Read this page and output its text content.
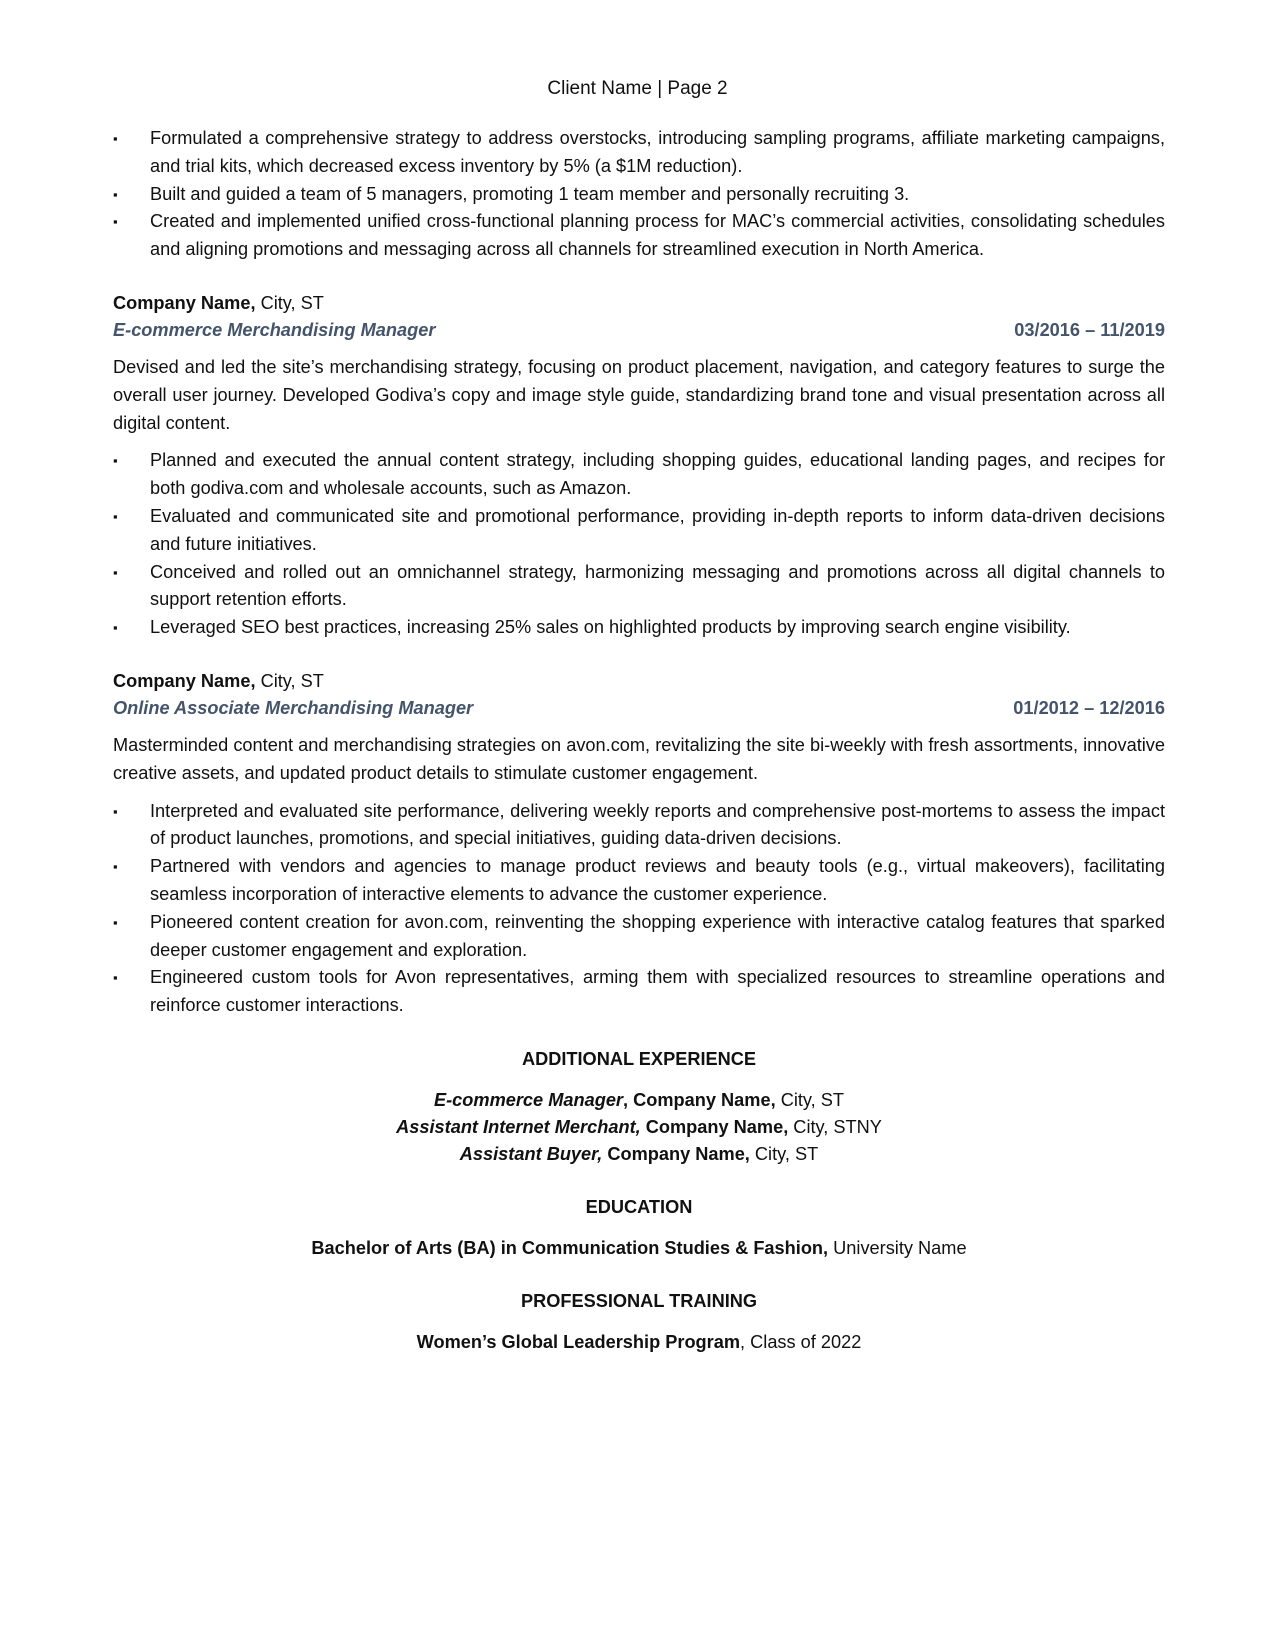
Client Name | Page 2
▪	Formulated a comprehensive strategy to address overstocks, introducing sampling programs, affiliate marketing campaigns, and trial kits, which decreased excess inventory by 5% (a $1M reduction).
▪	Built and guided a team of 5 managers, promoting 1 team member and personally recruiting 3.
▪	Created and implemented unified cross-functional planning process for MAC’s commercial activities, consolidating schedules and aligning promotions and messaging across all channels for streamlined execution in North America.
Company Name, City, ST
E-commerce Merchandising Manager	03/2016 – 11/2019
Devised and led the site’s merchandising strategy, focusing on product placement, navigation, and category features to surge the overall user journey. Developed Godiva’s copy and image style guide, standardizing brand tone and visual presentation across all digital content.
▪	Planned and executed the annual content strategy, including shopping guides, educational landing pages, and recipes for both godiva.com and wholesale accounts, such as Amazon.
▪	Evaluated and communicated site and promotional performance, providing in-depth reports to inform data-driven decisions and future initiatives.
▪	Conceived and rolled out an omnichannel strategy, harmonizing messaging and promotions across all digital channels to support retention efforts.
▪	Leveraged SEO best practices, increasing 25% sales on highlighted products by improving search engine visibility.
Company Name, City, ST
Online Associate Merchandising Manager	01/2012 – 12/2016
Masterminded content and merchandising strategies on avon.com, revitalizing the site bi-weekly with fresh assortments, innovative creative assets, and updated product details to stimulate customer engagement.
▪	Interpreted and evaluated site performance, delivering weekly reports and comprehensive post-mortems to assess the impact of product launches, promotions, and special initiatives, guiding data-driven decisions.
▪	Partnered with vendors and agencies to manage product reviews and beauty tools (e.g., virtual makeovers), facilitating seamless incorporation of interactive elements to advance the customer experience.
▪	Pioneered content creation for avon.com, reinventing the shopping experience with interactive catalog features that sparked deeper customer engagement and exploration.
▪	Engineered custom tools for Avon representatives, arming them with specialized resources to streamline operations and reinforce customer interactions.
ADDITIONAL EXPERIENCE
E-commerce Manager, Company Name, City, ST
Assistant Internet Merchant, Company Name, City, STNY
Assistant Buyer, Company Name, City, ST
EDUCATION
Bachelor of Arts (BA) in Communication Studies & Fashion, University Name
PROFESSIONAL TRAINING
Women’s Global Leadership Program, Class of 2022
